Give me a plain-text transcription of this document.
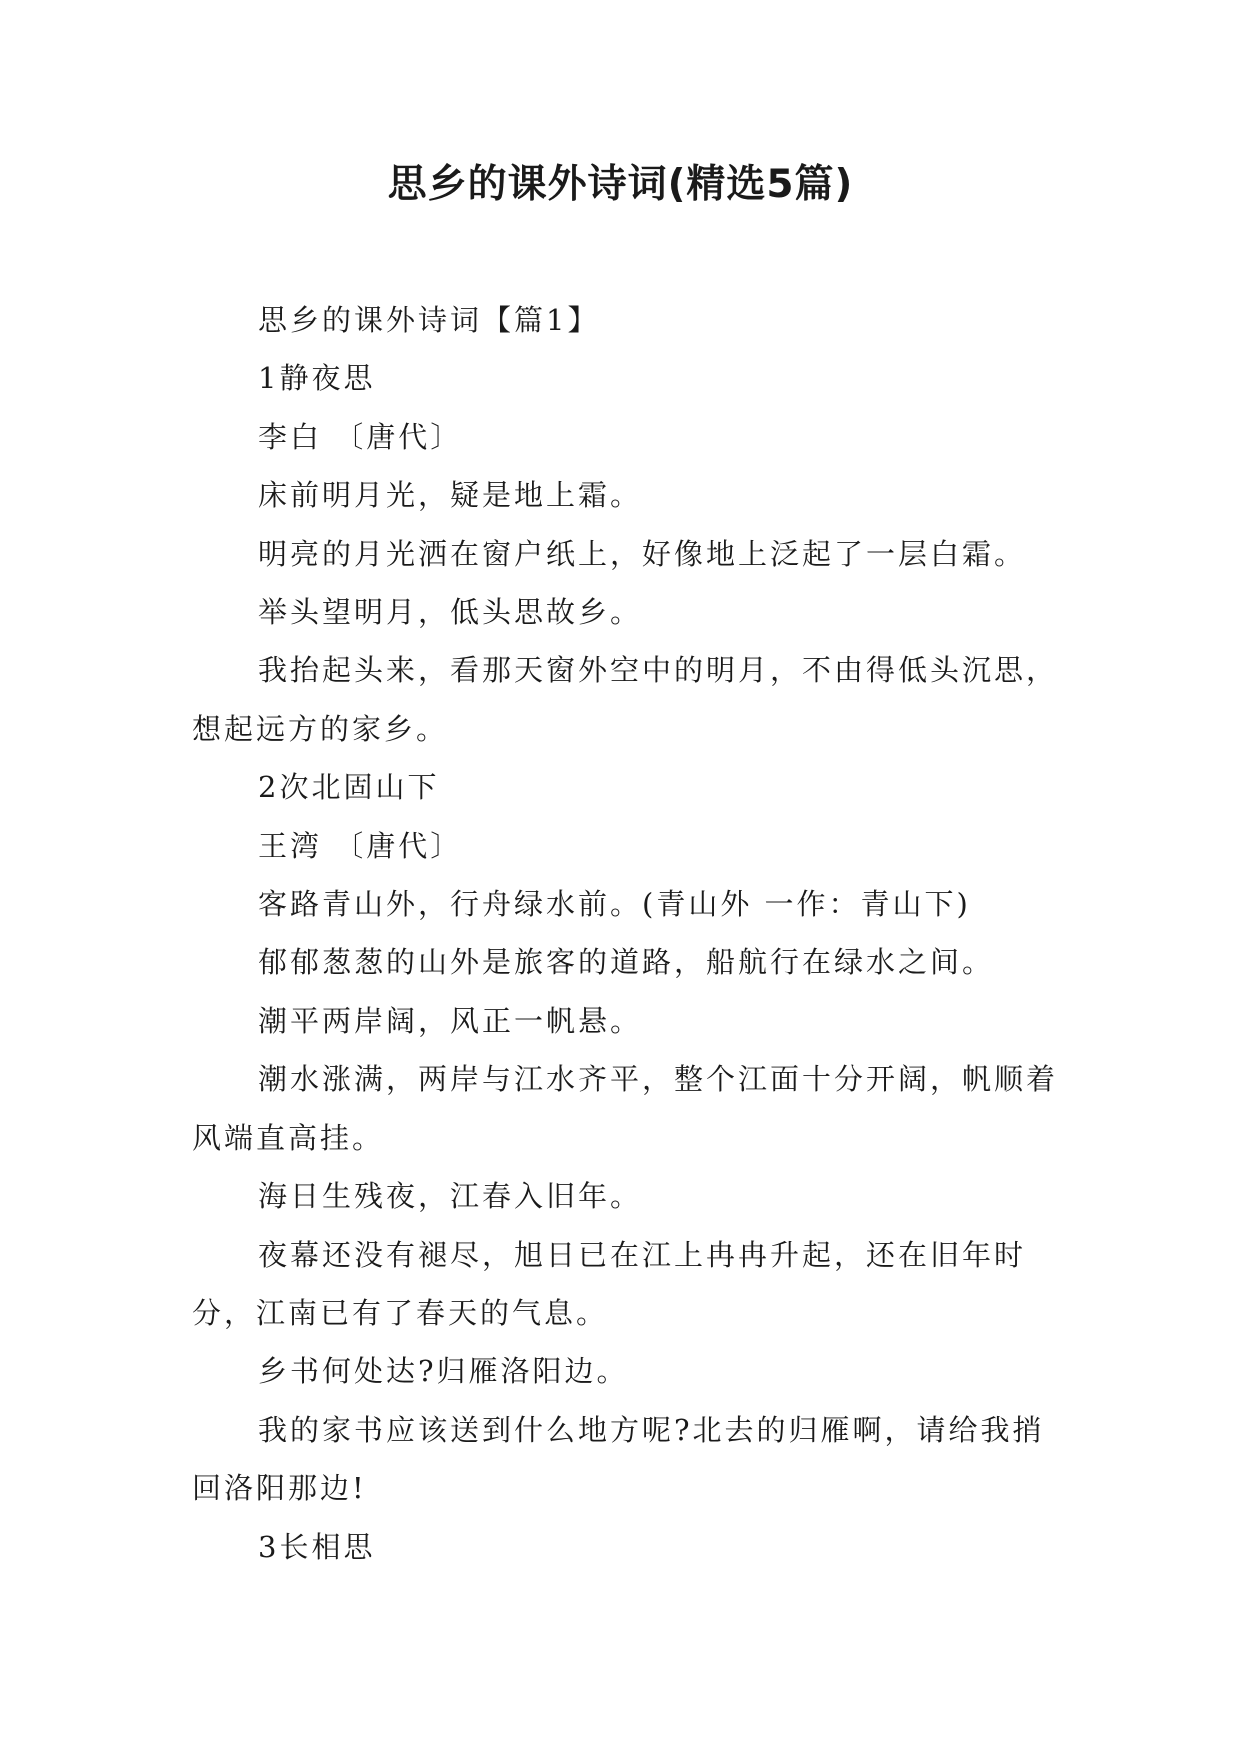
思乡的课外诗词(精选5篇)

思乡的课外诗词【篇1】

1静夜思

李白 〔唐代〕

床前明月光，疑是地上霜。

明亮的月光洒在窗户纸上，好像地上泛起了一层白霜。

举头望明月，低头思故乡。

我抬起头来，看那天窗外空中的明月，不由得低头沉思，想起远方的家乡。

2次北固山下

王湾 〔唐代〕

客路青山外，行舟绿水前。(青山外 一作：青山下)

郁郁葱葱的山外是旅客的道路，船航行在绿水之间。

潮平两岸阔，风正一帆悬。

潮水涨满，两岸与江水齐平，整个江面十分开阔，帆顺着风端直高挂。

海日生残夜，江春入旧年。

夜幕还没有褪尽，旭日已在江上冉冉升起，还在旧年时分，江南已有了春天的气息。

乡书何处达?归雁洛阳边。

我的家书应该送到什么地方呢?北去的归雁啊，请给我捎回洛阳那边!

3长相思
